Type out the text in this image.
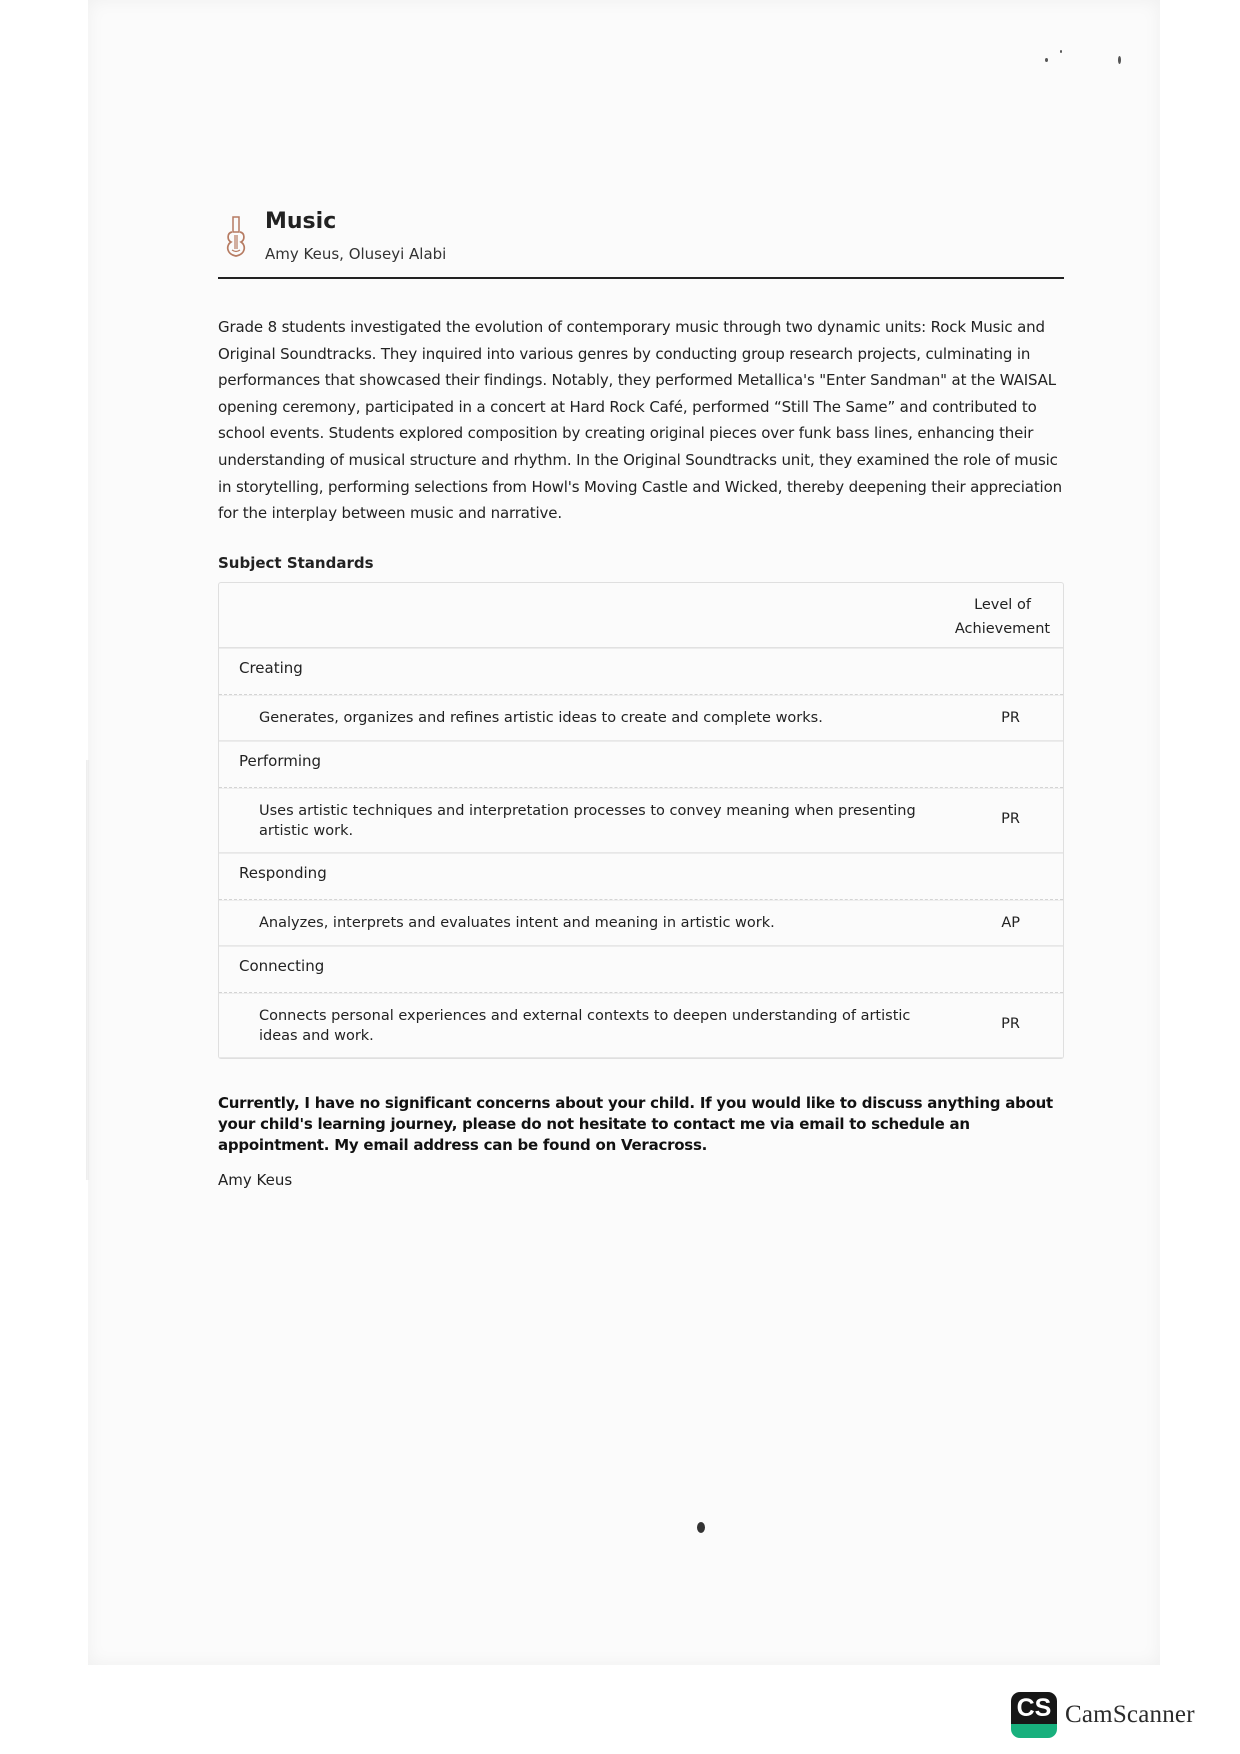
Music
Amy Keus, Oluseyi Alabi

Grade 8 students investigated the evolution of contemporary music through two dynamic units: Rock Music and Original Soundtracks. They inquired into various genres by conducting group research projects, culminating in performances that showcased their findings. Notably, they performed Metallica's "Enter Sandman" at the WAISAL opening ceremony, participated in a concert at Hard Rock Café, performed “Still The Same” and contributed to school events. Students explored composition by creating original pieces over funk bass lines, enhancing their understanding of musical structure and rhythm. In the Original Soundtracks unit, they examined the role of music in storytelling, performing selections from Howl's Moving Castle and Wicked, thereby deepening their appreciation for the interplay between music and narrative.

Subject Standards
Level of Achievement
Creating
Generates, organizes and refines artistic ideas to create and complete works.	PR
Performing
Uses artistic techniques and interpretation processes to convey meaning when presenting artistic work.
PR
Responding
Analyzes, interprets and evaluates intent and meaning in artistic work.	AP
Connecting
Connects personal experiences and external contexts to deepen understanding of artistic ideas and work.
PR

Currently, I have no significant concerns about your child. If you would like to discuss anything about your child's learning journey, please do not hesitate to contact me via email to schedule an appointment. My email address can be found on Veracross.

Amy Keus
CS CamScanner
